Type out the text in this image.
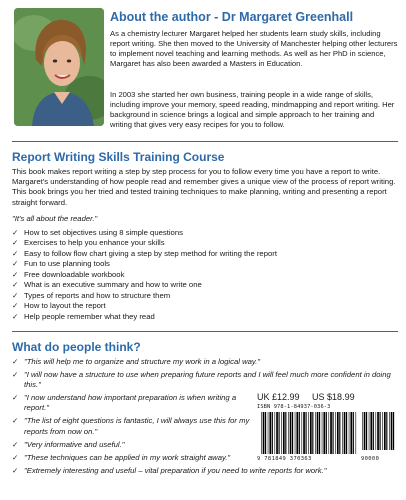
About the author - Dr Margaret Greenhall

As a chemistry lecturer Margaret helped her students learn study skills, including report writing. She then moved to the University of Manchester helping other lecturers to implement novel teaching and learning methods. As well as her PhD in science, Margaret has also been awarded a Masters in Education.

In 2003 she started her own business, training people in a wide range of skills, including improve your memory, speed reading, mindmapping and report writing. Her background in science brings a logical and simple approach to her training and writing that gives very easy recipes for you to follow.

Report Writing Skills Training Course

This book makes report writing a step by step process for you to follow every time you have a report to write. Margaret's understanding of how people read and remember gives a unique view of the process of report writing. This book brings you her tried and tested training techniques to make planning, writing and presenting a report straight forward.

"It's all about the reader."

✓ How to set objectives using 8 simple questions
✓ Exercises to help you enhance your skills
✓ Easy to follow flow chart giving a step by step method for writing the report
✓ Fun to use planning tools
✓ Free downloadable workbook
✓ What is an executive summary and how to write one
✓ Types of reports and how to structure them
✓ How to layout the report
✓ Help people remember what they read
What do people think?
✓ "This will help me to organize and structure my work in a logical way."
✓ "I will now have a structure to use when preparing future reports and I will feel much more confident in doing this."
✓ "I now understand how important preparation is when writing a report."
✓ "The list of eight questions is fantastic, I will always use this for my reports from now on."
✓ "Very informative and useful."
✓ "These techniques can be applied in my work straight away."
✓ "Extremely interesting and useful – vital preparation if you need to write reports for work."
UK £12.99 US $18.99
ISBN 978-1-84937-036-3
9 781849 370363	90000
